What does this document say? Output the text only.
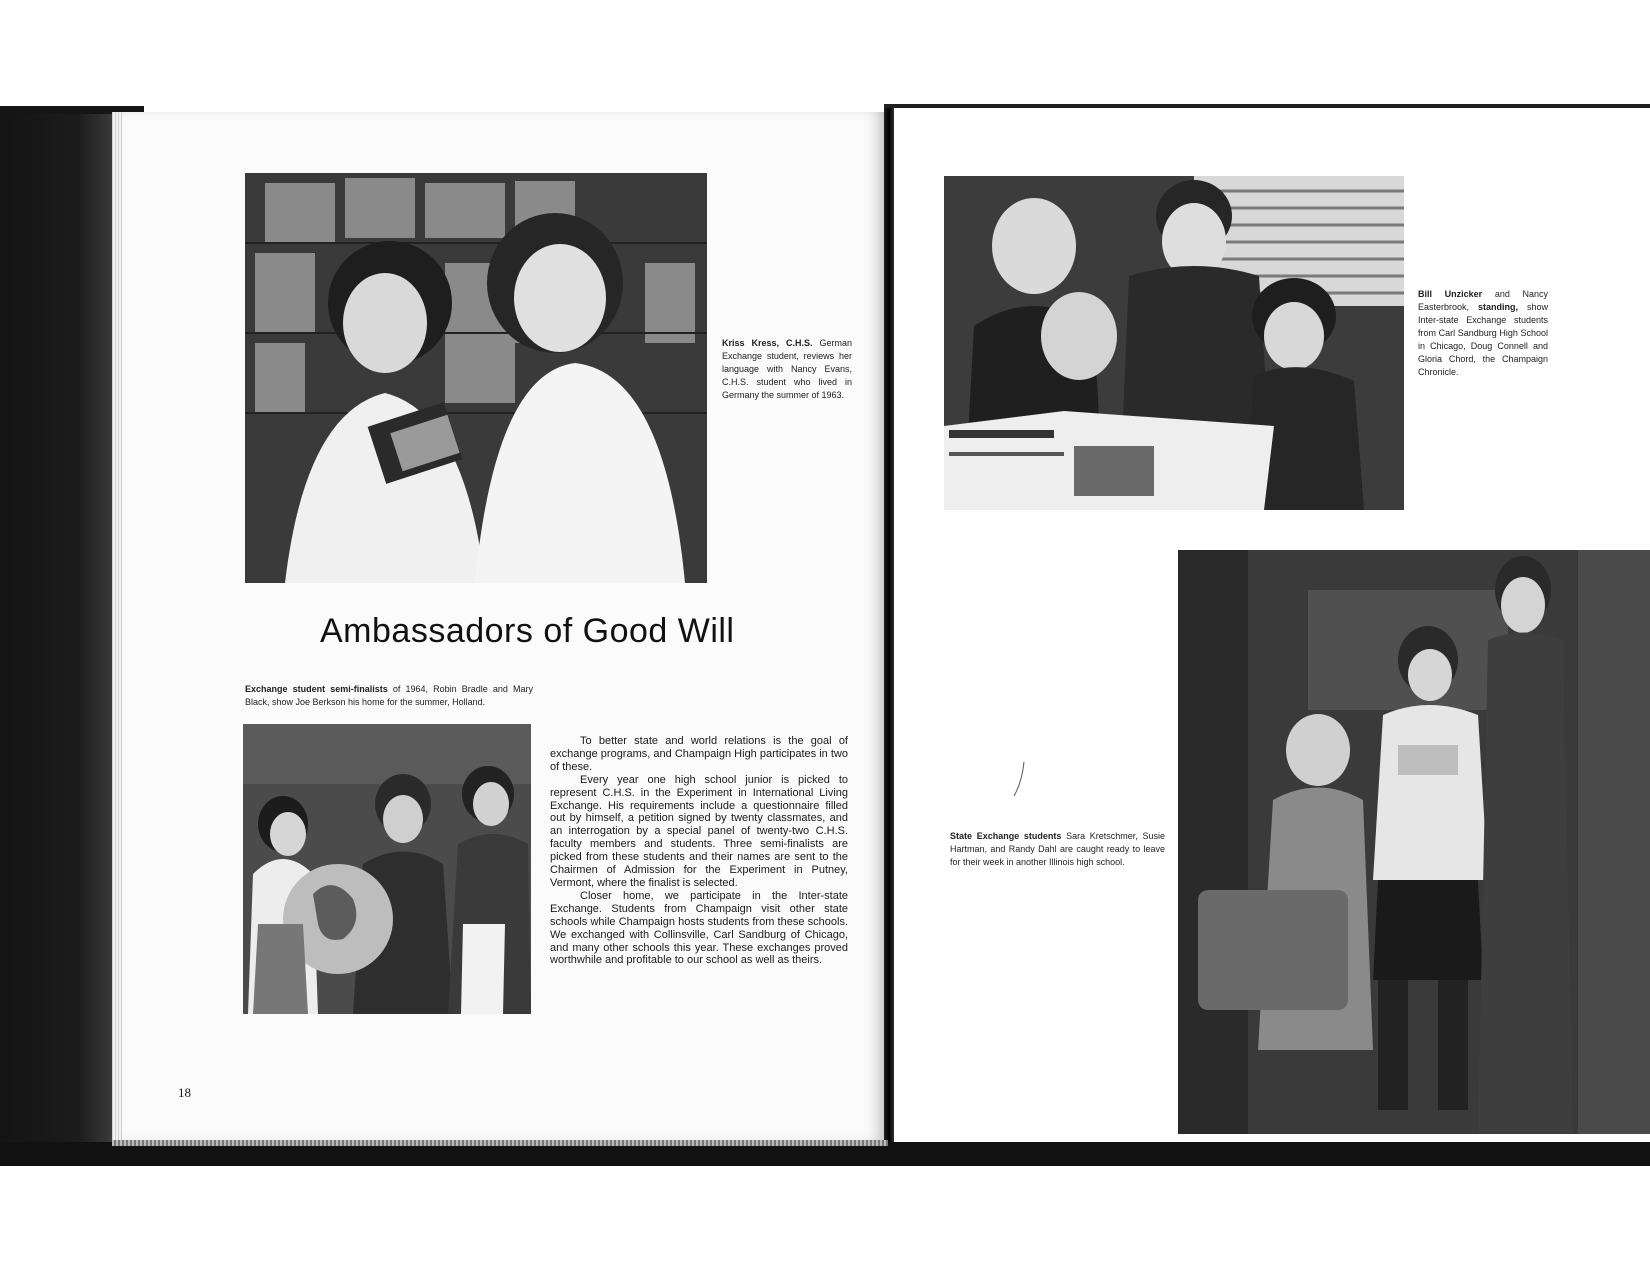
Kriss Kress, C.H.S. German Exchange student, reviews her language with Nancy Evans, C.H.S. student who lived in Germany the summer of 1963.
Ambassadors of Good Will
Exchange student semi-finalists of 1964, Robin Bradle and Mary Black, show Joe Berkson his home for the summer, Holland.

To better state and world relations is the goal of exchange programs, and Champaign High participates in two of these.

Every year one high school junior is picked to represent C.H.S. in the Experiment in International Living Exchange. His requirements include a questionnaire filled out by himself, a petition signed by twenty classmates, and an interrogation by a special panel of twenty-two C.H.S. faculty members and students. Three semi-finalists are picked from these students and their names are sent to the Chairmen of Admission for the Experiment in Putney, Vermont, where the finalist is selected.

Closer home, we participate in the Inter-state Exchange. Students from Champaign visit other state schools while Champaign hosts students from these schools. We exchanged with Collinsville, Carl Sandburg of Chicago, and many other schools this year. These exchanges proved worthwhile and profitable to our school as well as theirs.

18
Bill Unzicker and Nancy Easterbrook, standing, show Inter-state Exchange students from Carl Sandburg High School in Chicago, Doug Connell and Gloria Chord, the Champaign Chronicle.
State Exchange students Sara Kretschmer, Susie Hartman, and Randy Dahl are caught ready to leave for their week in another Illinois high school.
